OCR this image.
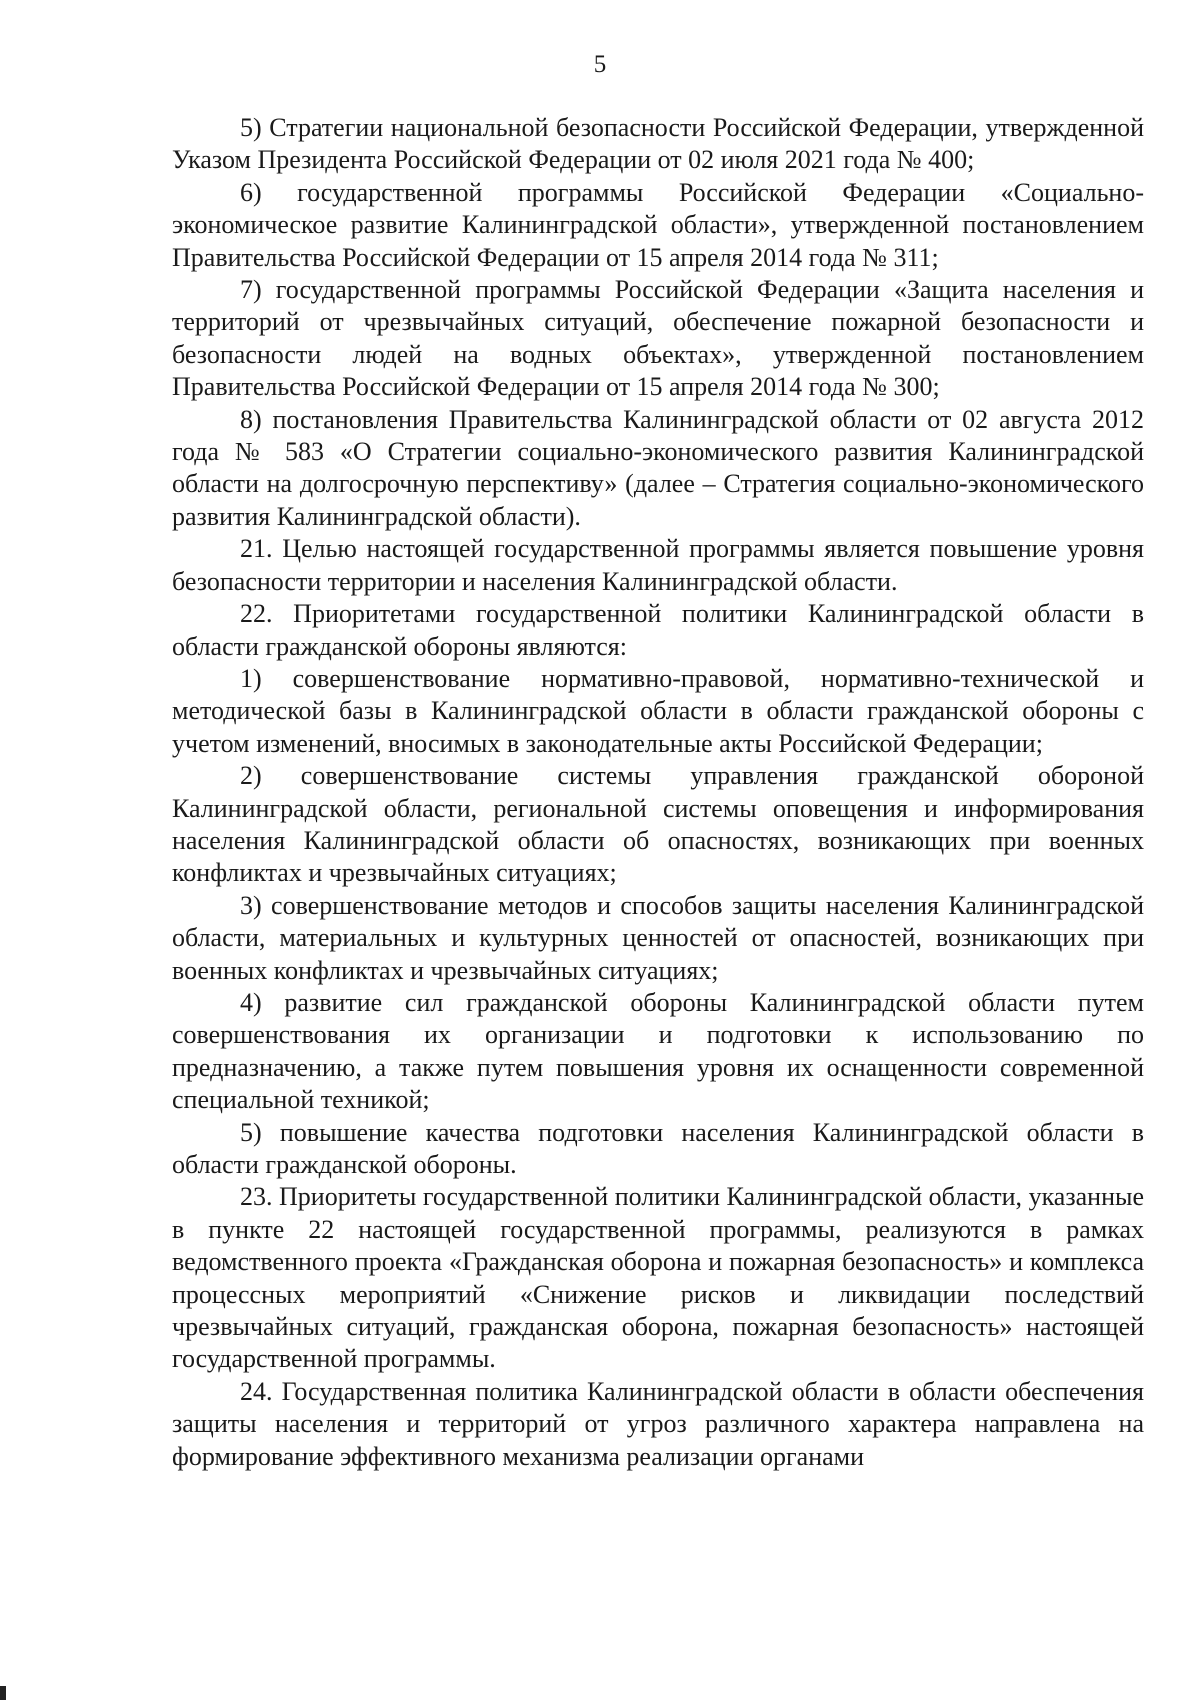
5

5) Стратегии национальной безопасности Российской Федерации, утвержденной Указом Президента Российской Федерации от 02 июля 2021 года № 400;

6) государственной программы Российской Федерации «Социально-экономическое развитие Калининградской области», утвержденной постановлением Правительства Российской Федерации от 15 апреля 2014 года № 311;

7) государственной программы Российской Федерации «Защита населения и территорий от чрезвычайных ситуаций, обеспечение пожарной безопасности и безопасности людей на водных объектах», утвержденной постановлением Правительства Российской Федерации от 15 апреля 2014 года № 300;

8) постановления Правительства Калининградской области от 02 августа 2012 года № 583 «О Стратегии социально-экономического развития Калининградской области на долгосрочную перспективу» (далее – Стратегия социально-экономического развития Калининградской области).

21. Целью настоящей государственной программы является повышение уровня безопасности территории и населения Калининградской области.

22. Приоритетами государственной политики Калининградской области в области гражданской обороны являются:

1) совершенствование нормативно-правовой, нормативно-технической и методической базы в Калининградской области в области гражданской обороны с учетом изменений, вносимых в законодательные акты Российской Федерации;

2) совершенствование системы управления гражданской обороной Калининградской области, региональной системы оповещения и информирования населения Калининградской области об опасностях, возникающих при военных конфликтах и чрезвычайных ситуациях;

3) совершенствование методов и способов защиты населения Калининградской области, материальных и культурных ценностей от опасностей, возникающих при военных конфликтах и чрезвычайных ситуациях;

4) развитие сил гражданской обороны Калининградской области путем совершенствования их организации и подготовки к использованию по предназначению, а также путем повышения уровня их оснащенности современной специальной техникой;

5) повышение качества подготовки населения Калининградской области в области гражданской обороны.

23. Приоритеты государственной политики Калининградской области, указанные в пункте 22 настоящей государственной программы, реализуются в рамках ведомственного проекта «Гражданская оборона и пожарная безопасность» и комплекса процессных мероприятий «Снижение рисков и ликвидации последствий чрезвычайных ситуаций, гражданская оборона, пожарная безопасность» настоящей государственной программы.

24. Государственная политика Калининградской области в области обеспечения защиты населения и территорий от угроз различного характера направлена на формирование эффективного механизма реализации органами
